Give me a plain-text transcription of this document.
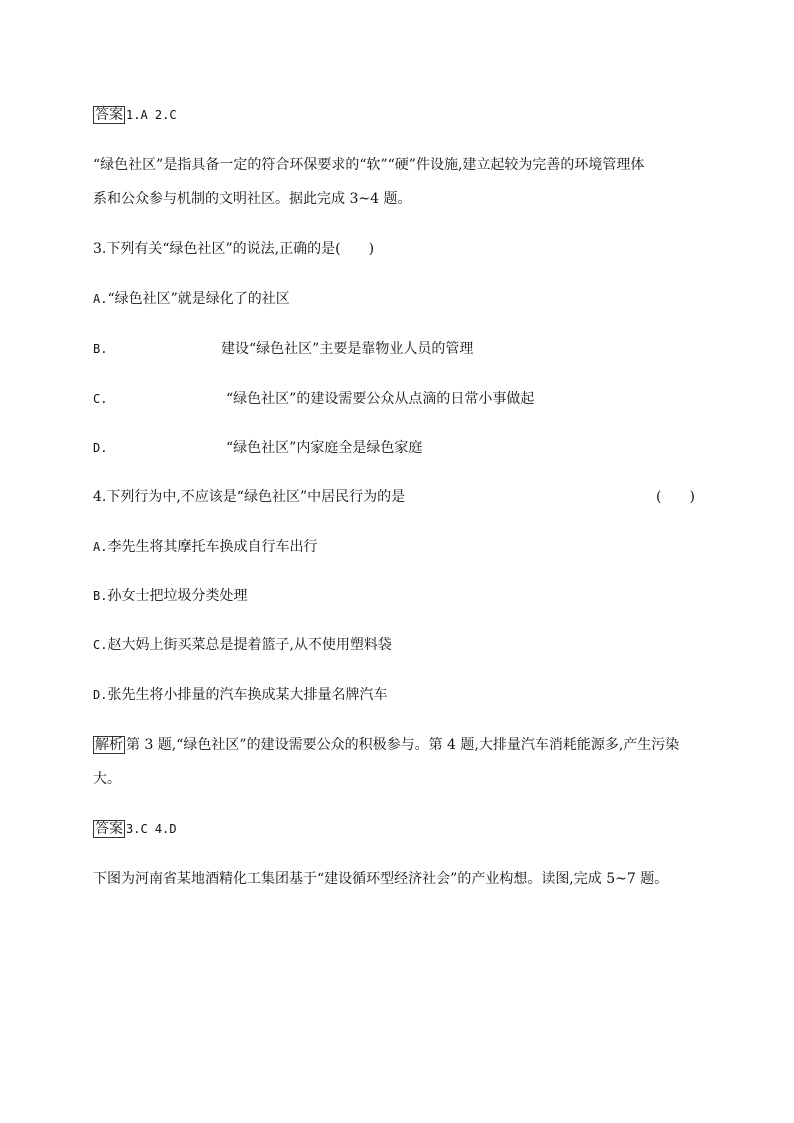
答案 1.A 2.C
“绿色社区”是指具备一定的符合环保要求的“软”“硬”件设施,建立起较为完善的环境管理体
系和公众参与机制的文明社区。据此完成 3~4 题。
3.下列有关“绿色社区”的说法,正确的是(　　)
A.“绿色社区”就是绿化了的社区
B.	建设“绿色社区”主要是靠物业人员的管理
C.	“绿色社区”的建设需要公众从点滴的日常小事做起
D.	“绿色社区”内家庭全是绿色家庭
4.下列行为中,不应该是“绿色社区”中居民行为的是	(　　)
A.李先生将其摩托车换成自行车出行
B.孙女士把垃圾分类处理
C.赵大妈上街买菜总是提着篮子,从不使用塑料袋
D.张先生将小排量的汽车换成某大排量名牌汽车
解析 第 3 题,“绿色社区”的建设需要公众的积极参与。第 4 题,大排量汽车消耗能源多,产生污染
大。
答案 3.C 4.D
下图为河南省某地酒精化工集团基于“建设循环型经济社会”的产业构想。读图,完成 5~7 题。
